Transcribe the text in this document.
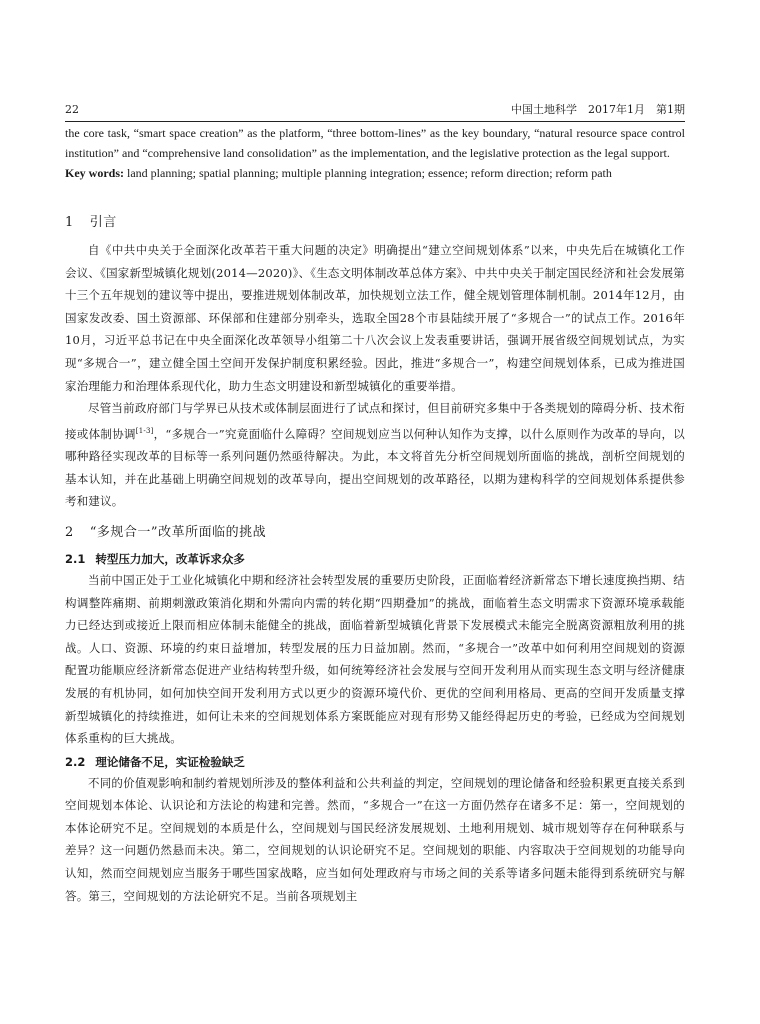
22	中国土地科学　2017年1月　第1期

the core task, “smart space creation” as the platform, “three bottom-lines” as the key boundary, “natural resource space control institution” and “comprehensive land consolidation” as the implementation, and the legislative protection as the legal support.

Key words: land planning; spatial planning; multiple planning integration; essence; reform direction; reform path

1 引言

自《中共中央关于全面深化改革若干重大问题的决定》明确提出“建立空间规划体系”以来，中央先后在城镇化工作会议、《国家新型城镇化规划(2014—2020)》、《生态文明体制改革总体方案》、中共中央关于制定国民经济和社会发展第十三个五年规划的建议等中提出，要推进规划体制改革，加快规划立法工作，健全规划管理体制机制。2014年12月，由国家发改委、国土资源部、环保部和住建部分别牵头，选取全国28个市县陆续开展了“多规合一”的试点工作。2016年10月，习近平总书记在中央全面深化改革领导小组第二十八次会议上发表重要讲话，强调开展省级空间规划试点，为实现“多规合一”，建立健全国土空间开发保护制度积累经验。因此，推进“多规合一”，构建空间规划体系，已成为推进国家治理能力和治理体系现代化，助力生态文明建设和新型城镇化的重要举措。

尽管当前政府部门与学界已从技术或体制层面进行了试点和探讨，但目前研究多集中于各类规划的障碍分析、技术衔接或体制协调[1-3]，“多规合一”究竟面临什么障碍？空间规划应当以何种认知作为支撑，以什么原则作为改革的导向，以哪种路径实现改革的目标等一系列问题仍然亟待解决。为此，本文将首先分析空间规划所面临的挑战，剖析空间规划的基本认知，并在此基础上明确空间规划的改革导向，提出空间规划的改革路径，以期为建构科学的空间规划体系提供参考和建议。

2 “多规合一”改革所面临的挑战
2.1 转型压力加大，改革诉求众多

当前中国正处于工业化城镇化中期和经济社会转型发展的重要历史阶段，正面临着经济新常态下增长速度换挡期、结构调整阵痛期、前期刺激政策消化期和外需向内需的转化期“四期叠加”的挑战，面临着生态文明需求下资源环境承载能力已经达到或接近上限而相应体制未能健全的挑战，面临着新型城镇化背景下发展模式未能完全脱离资源粗放利用的挑战。人口、资源、环境的约束日益增加，转型发展的压力日益加剧。然而，“多规合一”改革中如何利用空间规划的资源配置功能顺应经济新常态促进产业结构转型升级，如何统筹经济社会发展与空间开发利用从而实现生态文明与经济健康发展的有机协同，如何加快空间开发利用方式以更少的资源环境代价、更优的空间利用格局、更高的空间开发质量支撑新型城镇化的持续推进，如何让未来的空间规划体系方案既能应对现有形势又能经得起历史的考验，已经成为空间规划体系重构的巨大挑战。

2.2 理论储备不足，实证检验缺乏

不同的价值观影响和制约着规划所涉及的整体利益和公共利益的判定，空间规划的理论储备和经验积累更直接关系到空间规划本体论、认识论和方法论的构建和完善。然而，“多规合一”在这一方面仍然存在诸多不足：第一，空间规划的本体论研究不足。空间规划的本质是什么，空间规划与国民经济发展规划、土地利用规划、城市规划等存在何种联系与差异？这一问题仍然悬而未决。第二，空间规划的认识论研究不足。空间规划的职能、内容取决于空间规划的功能导向认知，然而空间规划应当服务于哪些国家战略，应当如何处理政府与市场之间的关系等诸多问题未能得到系统研究与解答。第三，空间规划的方法论研究不足。当前各项规划主
